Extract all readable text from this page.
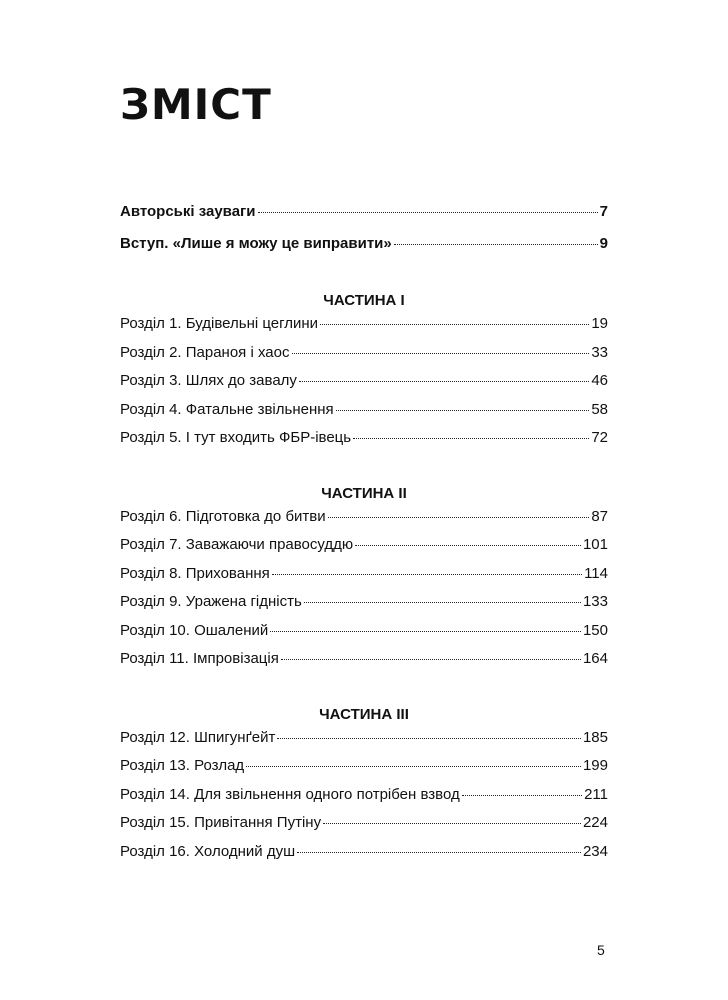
ЗМІСТ
Авторські зауваги	7
Вступ. «Лише я можу це виправити»	9
ЧАСТИНА I
Розділ 1. Будівельні цеглини	19
Розділ 2. Параноя і хаос	33
Розділ 3. Шлях до завалу	46
Розділ 4. Фатальне звільнення	58
Розділ 5. І тут входить ФБР-івець	72
ЧАСТИНА II
Розділ 6. Підготовка до битви	87
Розділ 7. Заважаючи правосуддю	101
Розділ 8. Приховання	114
Розділ 9. Уражена гідність	133
Розділ 10. Ошалений	150
Розділ 11. Імпровізація	164
ЧАСТИНА III
Розділ 12. Шпигунґейт	185
Розділ 13. Розлад	199
Розділ 14. Для звільнення одного потрібен взвод	211
Розділ 15. Привітання Путіну	224
Розділ 16. Холодний душ	234
5
